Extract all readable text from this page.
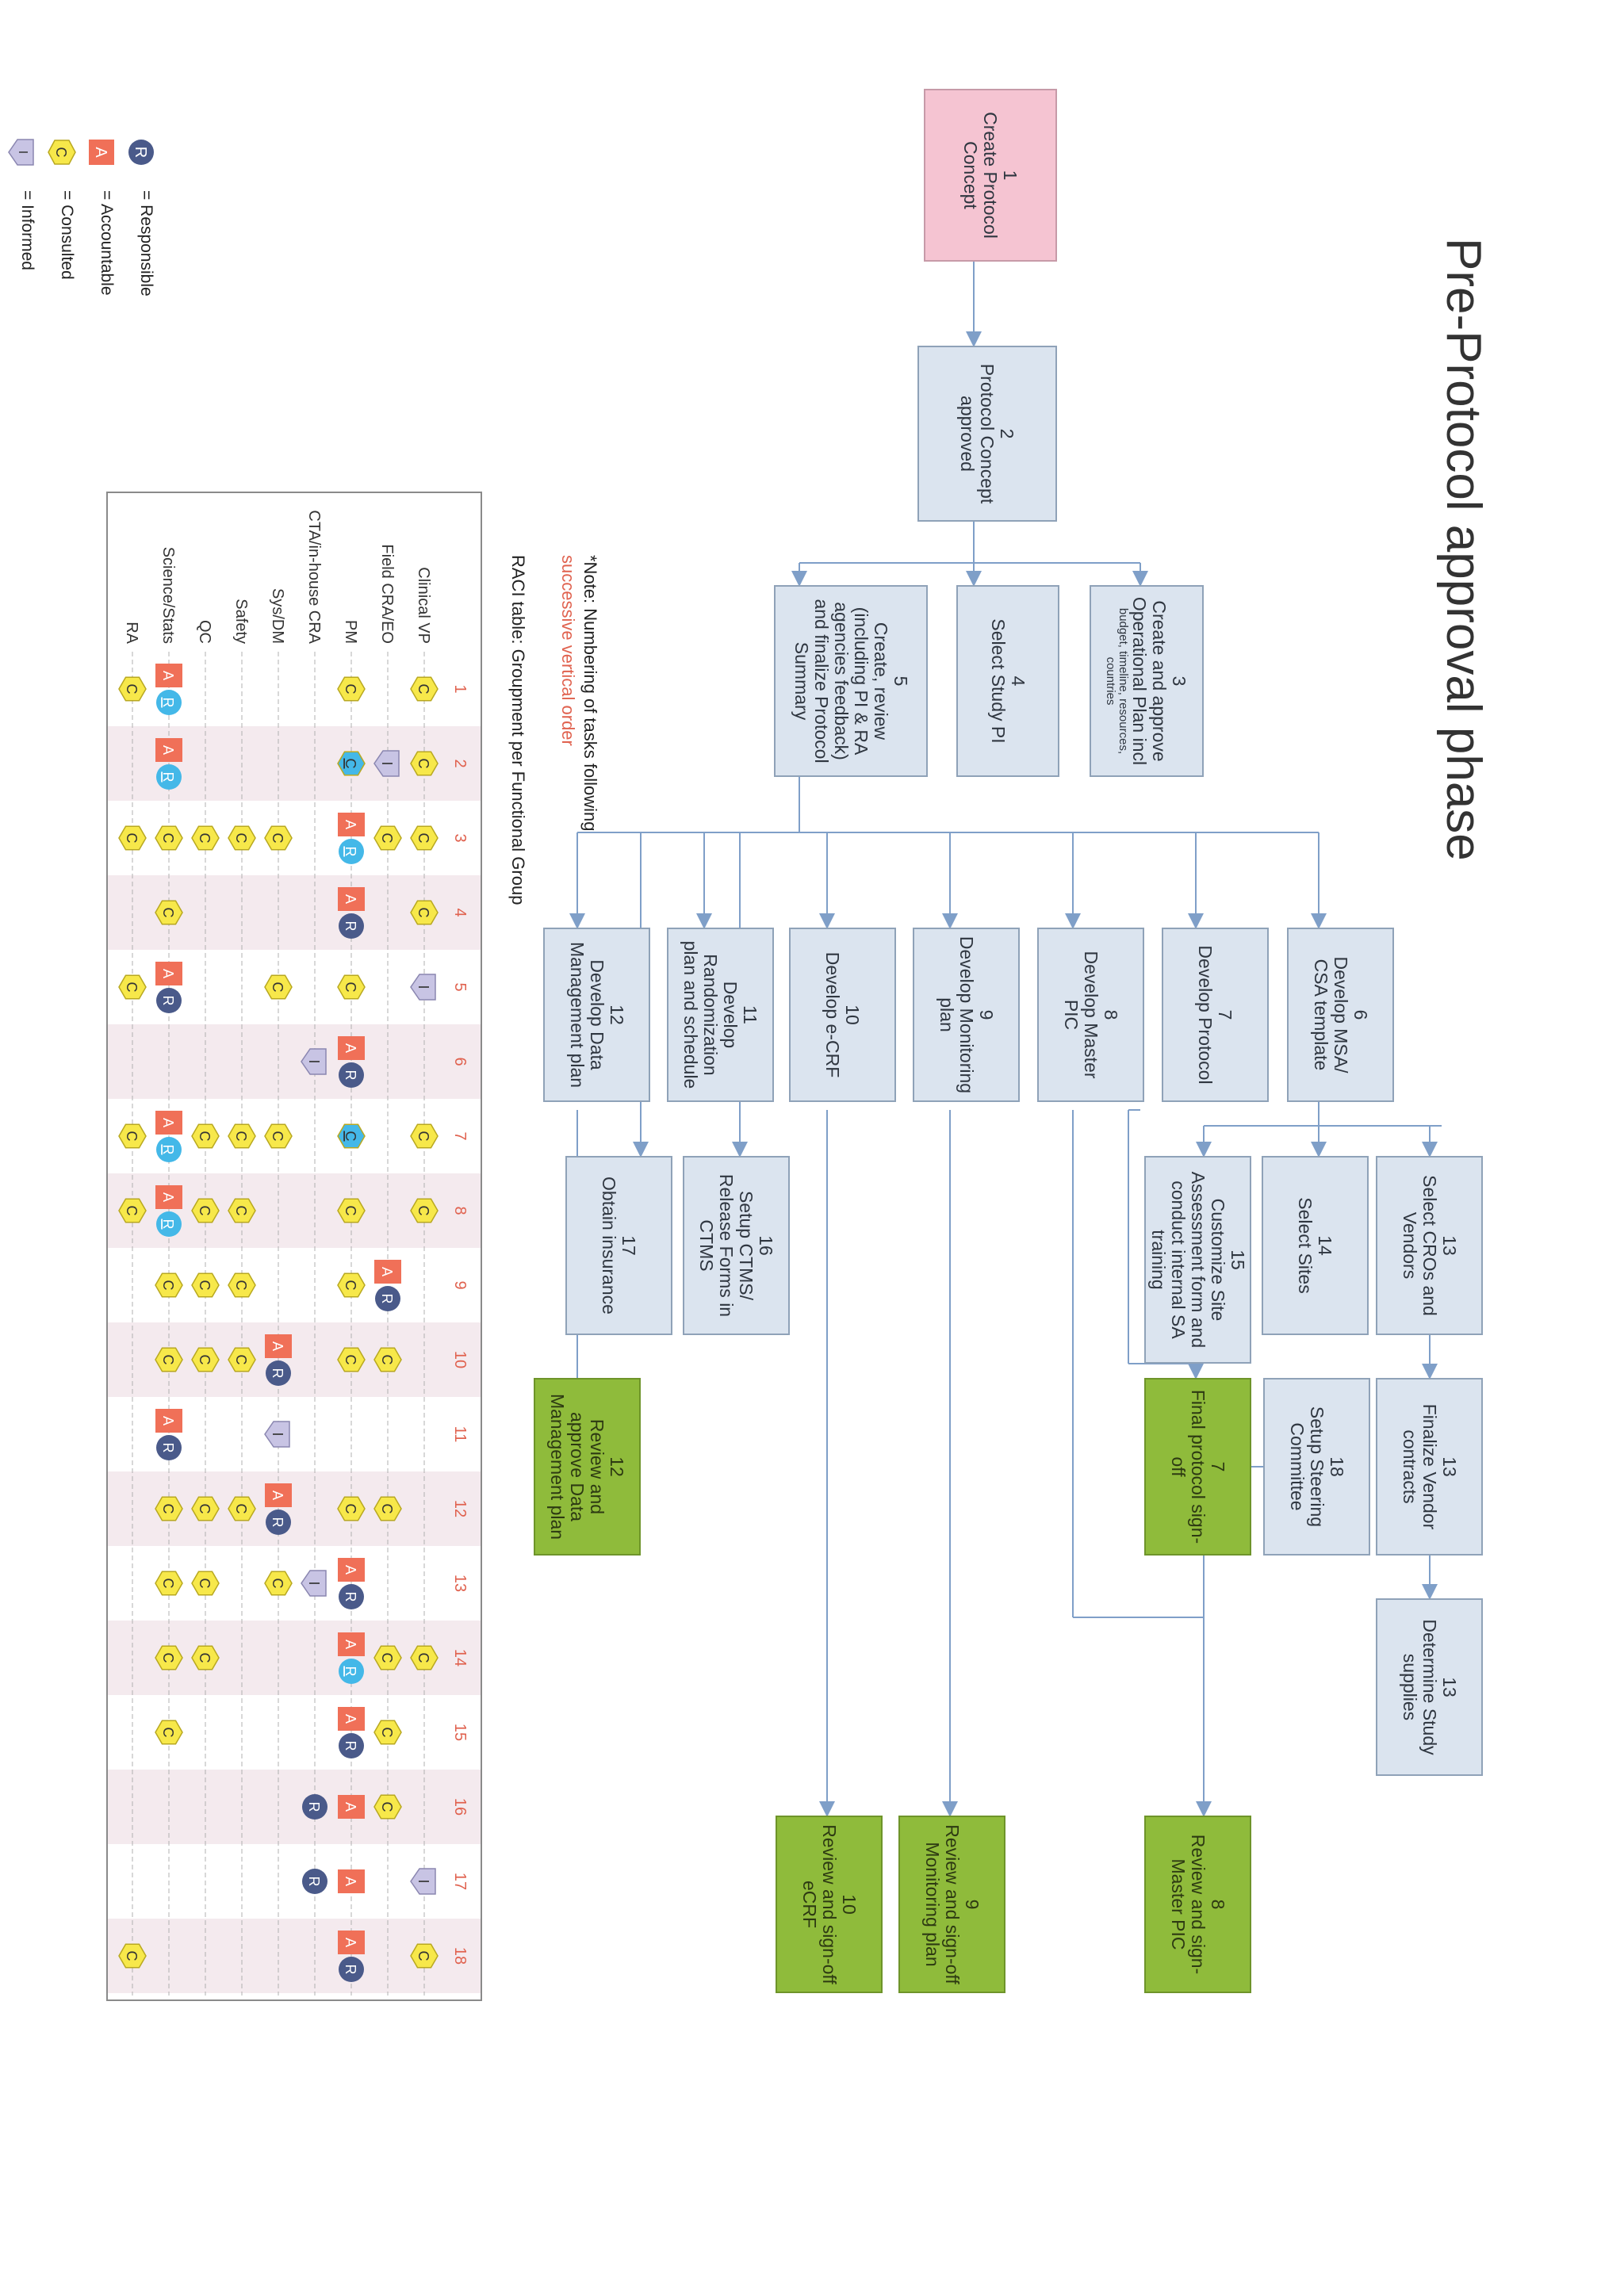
Pre-Protocol approval phase
1
Create Protocol Concept
2
Protocol Concept approved
3
Create and approve Operational Plan incl
budget, timeline, resources, countries
4
Select Study PI
5
Create, review (including PI & RA agencies feedback) and finalize Protocol Summary
6
Develop MSA/ CSA template
7
Develop Protocol
8
Develop Master PIC
9
Develop Monitoring plan
10
Develop e-CRF
11
Develop Randomization plan and schedule
12
Develop Data Management plan
13
Select CROs and Vendors
14
Select Sites
15
Customize Site Assessment form and conduct internal SA training
16
Setup CTMS/ Release Forms in CTMS
17
Obtain insurance
13
Finalize Vendor contracts
18
Setup Steering Committee
7
Final protocol sign-off
12
Review and approve Data Management plan
13
Determine Study supplies
8
Review and sign-Master PIC
9
Review and sign-off Monitoring plan
10
Review and sign-off eCRF
*Note: Numbering of tasks following
successive vertical order
RACI table: Groupment per Functional Group
R
= Responsible
A
= Accountable
C
= Consulted
I
= Informed
1
2
3
4
5
6
7
8
9
10
11
12
13
14
15
16
17
18
Clinical VP
Field CRA/EO
PM
CTA/in-house CRA
Sys/DM
Safety
QC
Science/Stats
RA
C
C
C
C
I
C
C
C
I
C
I
C
A
R
C
C
C
C
C
C
C
A
R
A
R
C
A
R
C
C
C
C
C
A
R
A
R
A
R
A
A
A
R
I
I
R
R
C
C
C
A
R
I
A
R
C
C
C
C
C
C
C
C
C
C
C
C
C
C
C
A
R
A
R
C
C
A
R
A
R
A
R
C
C
A
R
C
C
C
C
C
C
C
C
C
C
